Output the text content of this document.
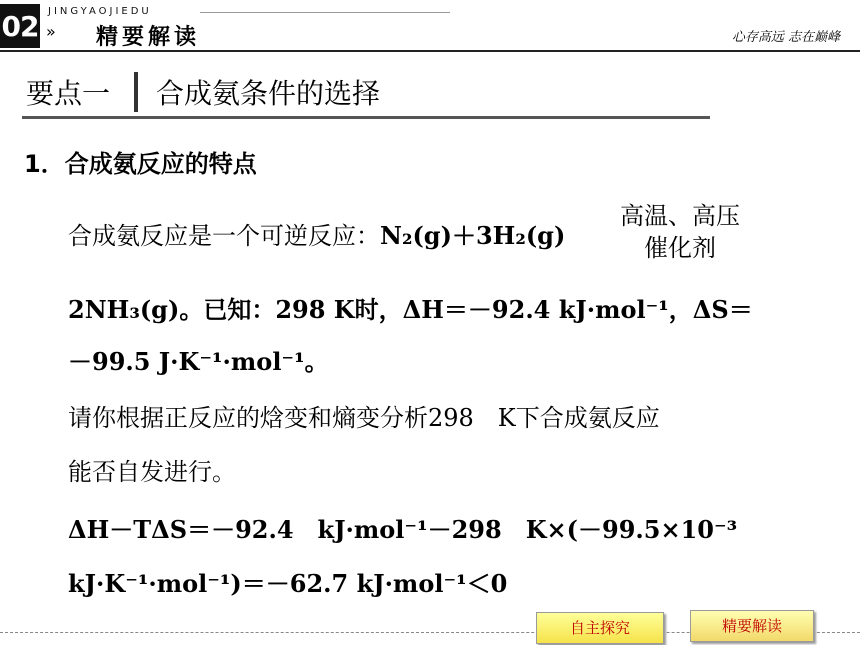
02 JINGYAOJIEDU
» 精要解读	心存高远 志在巅峰
要点一 合成氨条件的选择
1．合成氨反应的特点
合成氨反应是一个可逆反应：N₂(g)＋3H₂(g)
高温、高压
催化剂
2NH₃(g)。已知：298 K时，ΔH＝－92.4 kJ·mol⁻¹，ΔS＝
－99.5 J·K⁻¹·mol⁻¹。
请你根据正反应的焓变和熵变分析298　K下合成氨反应
能否自发进行。
ΔH－TΔS＝－92.4　kJ·mol⁻¹－298　K×(－99.5×10⁻³
kJ·K⁻¹·mol⁻¹)＝－62.7 kJ·mol⁻¹＜0
自主探究	精要解读
